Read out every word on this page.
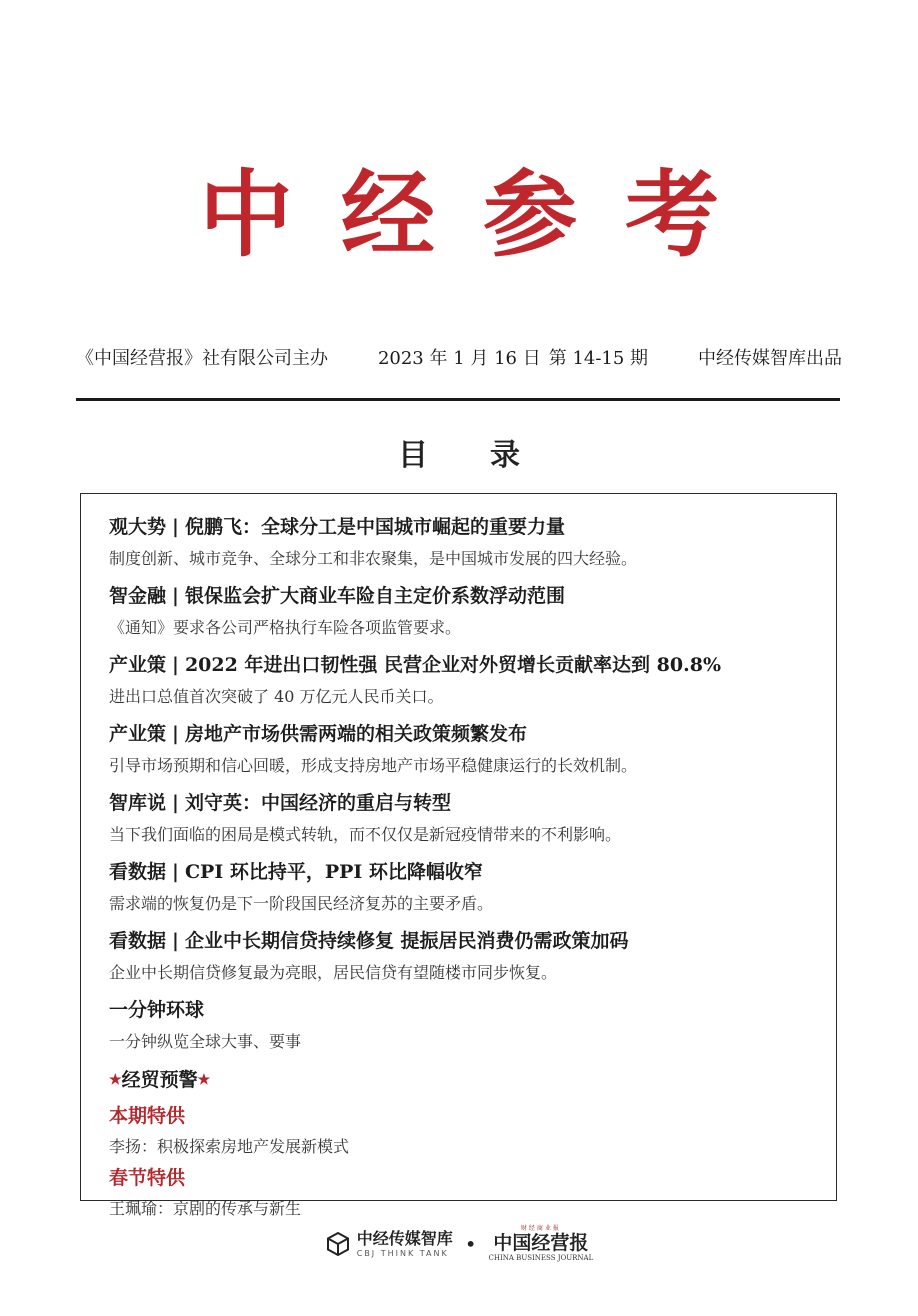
中经参考
《中国经营报》社有限公司主办	2023 年 1 月 16 日 第 14-15 期	中经传媒智库出品
目录
观大势 | 倪鹏飞：全球分工是中国城市崛起的重要力量
制度创新、城市竞争、全球分工和非农聚集，是中国城市发展的四大经验。
智金融 | 银保监会扩大商业车险自主定价系数浮动范围
《通知》要求各公司严格执行车险各项监管要求。
产业策 | 2022 年进出口韧性强 民营企业对外贸增长贡献率达到 80.8%
进出口总值首次突破了 40 万亿元人民币关口。
产业策 | 房地产市场供需两端的相关政策频繁发布
引导市场预期和信心回暖，形成支持房地产市场平稳健康运行的长效机制。
智库说 | 刘守英：中国经济的重启与转型
当下我们面临的困局是模式转轨，而不仅仅是新冠疫情带来的不利影响。
看数据 | CPI 环比持平，PPI 环比降幅收窄
需求端的恢复仍是下一阶段国民经济复苏的主要矛盾。
看数据 | 企业中长期信贷持续修复 提振居民消费仍需政策加码
企业中长期信贷修复最为亮眼，居民信贷有望随楼市同步恢复。
一分钟环球
一分钟纵览全球大事、要事
★经贸预警★
本期特供
李扬：积极探索房地产发展新模式
春节特供
王珮瑜：京剧的传承与新生
中经传媒智库
CBJ THINK TANK •
财经商业报
中国经营报
CHINA BUSINESS JOURNAL
